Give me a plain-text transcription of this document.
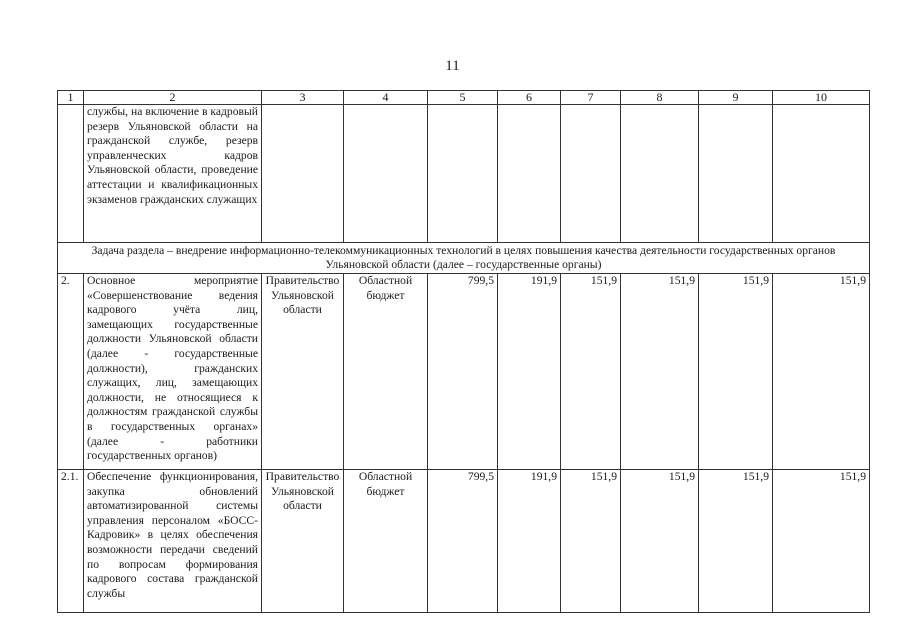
11
1	2	3	4	5	6	7	8	9	10
	службы, на включение в кадровый резерв Ульяновской области на гражданской службе, резерв управленческих кадров Ульяновской области, проведение аттестации и квалификационных экзаменов гражданских служащих								
Задача раздела – внедрение информационно-телекоммуникационных технологий в целях повышения качества деятельности государственных органов Ульяновской области (далее – государственные органы)									
2.	Основное мероприятие «Совершенствование ведения кадрового учёта лиц, замещающих государственные должности Ульяновской области (далее - государственные должности), гражданских служащих, лиц, замещающих должности, не относящиеся к должностям гражданской службы в государственных органах» (далее - работники государственных органов)	Правительство Ульяновской области	Областной бюджет	799,5	191,9	151,9	151,9	151,9	151,9
2.1.	Обеспечение функционирования, закупка обновлений автоматизированной системы управления персоналом «БОСС-Кадровик» в целях обеспечения возможности передачи сведений по вопросам формирования кадрового состава гражданской службы	Правительство Ульяновской области	Областной бюджет	799,5	191,9	151,9	151,9	151,9	151,9
